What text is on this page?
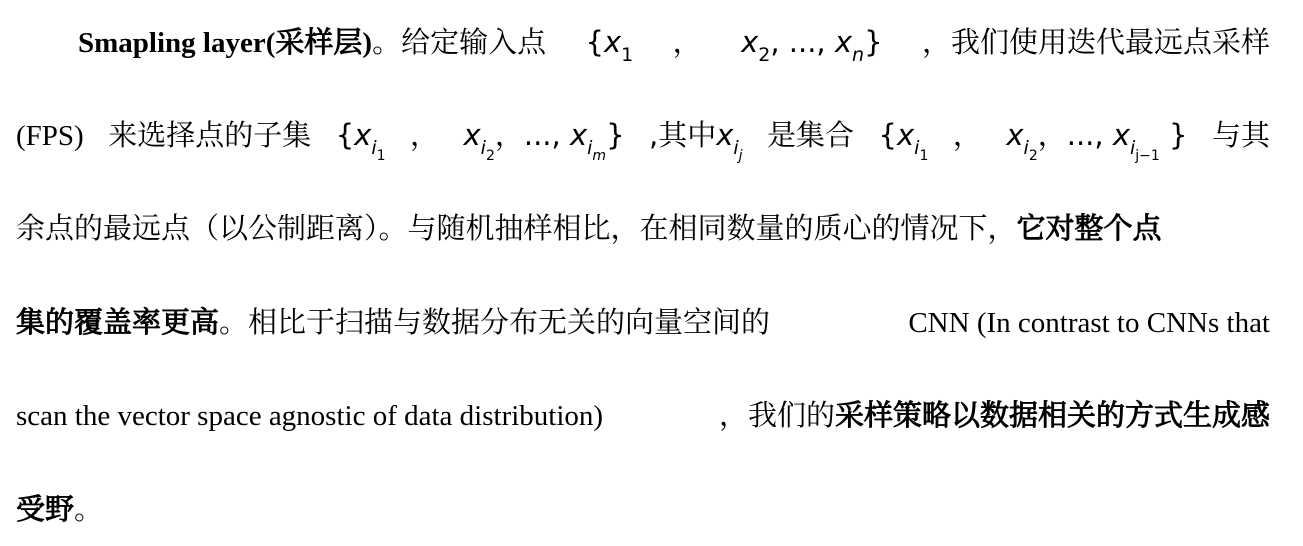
Smapling layer(采样层)。给定输入点 {$x_1$ ， $x_2$, ..., $x_n$} ，我们使用迭代最远点采样
(FPS) 来选择点的子集 {$x_{i_1}$
， $x_{i_2}$，..., $x_{i_m}$} ,其中$x_{i_j}$
是集合 {$x_{i_1}$
， $x_{i_2}$，..., $x_{i_{j-1}}$ } 与其
余点的最远点（以公制距离）。与随机抽样相比，在相同数量的质心的情况下，它对整个点
集的覆盖率更高。相比于扫描与数据分布无关的向量空间的	CNN (In contrast to CNNs that
scan the vector space agnostic of data distribution)	，我们的采样策略以数据相关的方式生成感
受野。
